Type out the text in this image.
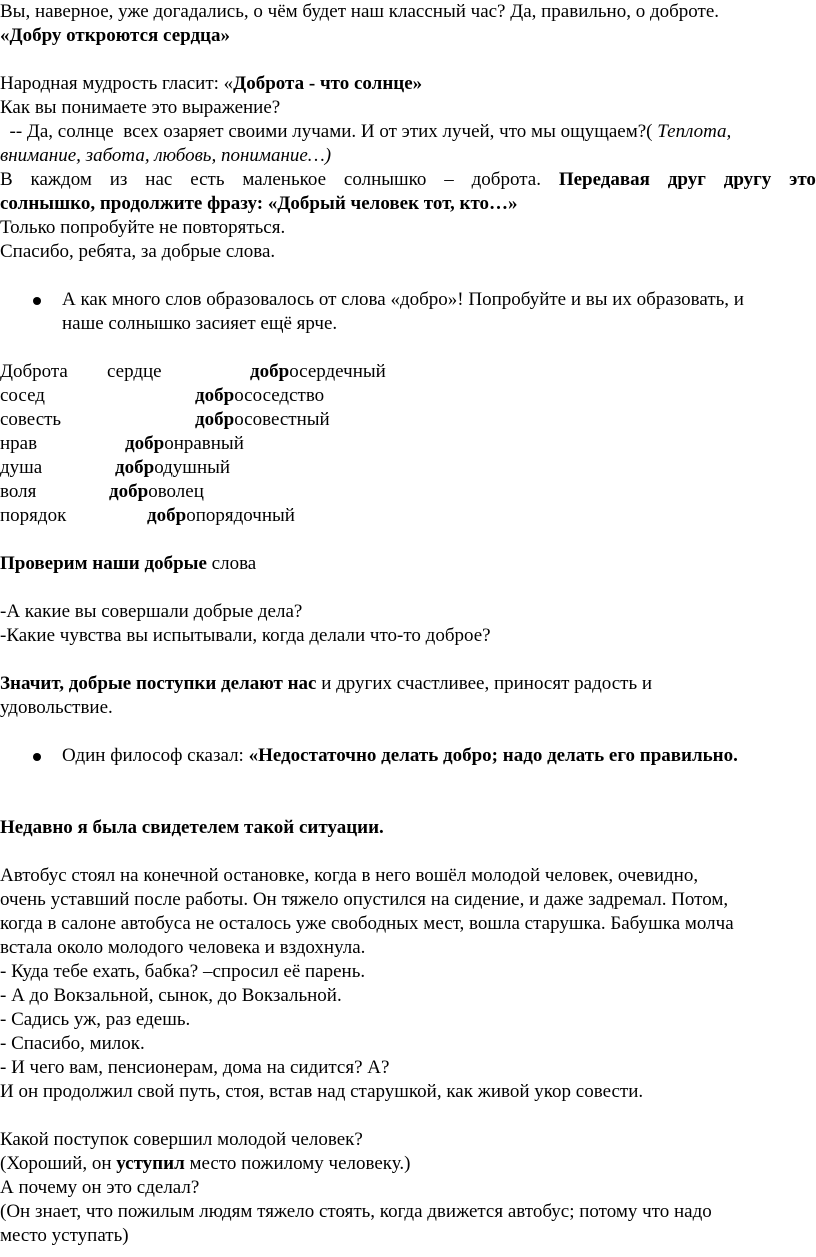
Вы, наверное, уже догадались, о чём будет наш классный час? Да, правильно, о доброте.
«Добру откроются сердца»
Народная мудрость гласит: «Доброта - что солнце»
Как вы понимаете это выражение?
-- Да, солнце  всех озаряет своими лучами. И от этих лучей, что мы ощущаем?( Теплота,
внимание, забота, любовь, понимание…)
В каждом из нас есть маленькое солнышко – доброта. Передавая друг другу это
солнышко, продолжите фразу: «Добрый человек тот, кто…»
Только попробуйте не повторяться.
Спасибо, ребята, за добрые слова.
А как много слов образовалось от слова «добро»! Попробуйте и вы их образовать, и
наше солнышко засияет ещё ярче.
Доброта сердце	добросердечный
сосед	добрососедство
совесть	добросовестный
нрав	добронравный
душа	добродушный
воля	доброволец
порядок	добропорядочный
Проверим наши добрые слова
-А какие вы совершали добрые дела?
-Какие чувства вы испытывали, когда делали что-то доброе?
Значит, добрые поступки делают нас и других счастливее, приносят радость и
удовольствие.
Один философ сказал: «Недостаточно делать добро; надо делать его правильно.
Недавно я была свидетелем такой ситуации.
Автобус стоял на конечной остановке, когда в него вошёл молодой человек, очевидно,
очень уставший после работы. Он тяжело опустился на сидение, и даже задремал. Потом,
когда в салоне автобуса не осталось уже свободных мест, вошла старушка. Бабушка молча
встала около молодого человека и вздохнула.
- Куда тебе ехать, бабка? –спросил её парень.
- А до Вокзальной, сынок, до Вокзальной.
- Садись уж, раз едешь.
- Спасибо, милок.
- И чего вам, пенсионерам, дома на сидится? А?
И он продолжил свой путь, стоя, встав над старушкой, как живой укор совести.
Какой поступок совершил молодой человек?
(Хороший, он уступил место пожилому человеку.)
А почему он это сделал?
(Он знает, что пожилым людям тяжело стоять, когда движется автобус; потому что надо
место уступать)
